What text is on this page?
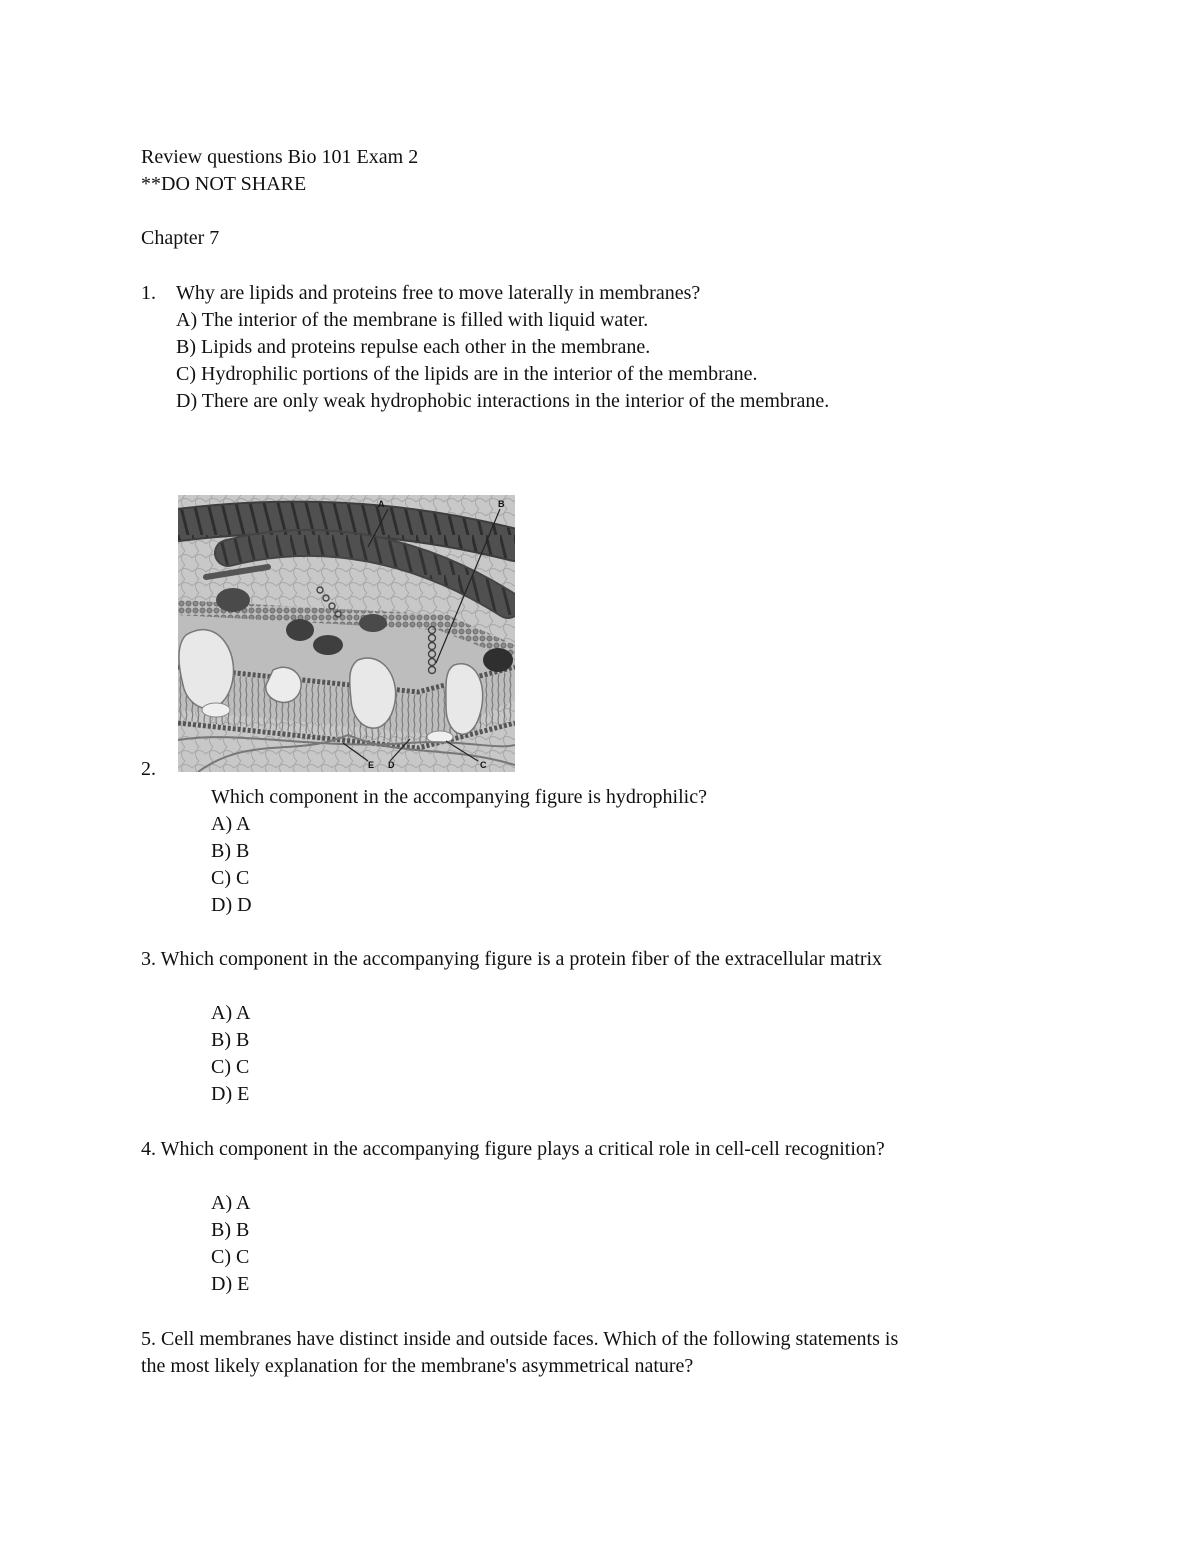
Review questions Bio 101 Exam 2
**DO NOT SHARE
Chapter 7
1. Why are lipids and proteins free to move laterally in membranes?
A) The interior of the membrane is filled with liquid water.
B) Lipids and proteins repulse each other in the membrane.
C) Hydrophilic portions of the lipids are in the interior of the membrane.
D) There are only weak hydrophobic interactions in the interior of the membrane.
A	B
E D	C
2.
Which component in the accompanying figure is hydrophilic?
A) A
B) B
C) C
D) D
3. Which component in the accompanying figure is a protein fiber of the extracellular matrix
A) A
B) B
C) C
D) E
4. Which component in the accompanying figure plays a critical role in cell-cell recognition?
A) A
B) B
C) C
D) E
5. Cell membranes have distinct inside and outside faces. Which of the following statements is
the most likely explanation for the membrane's asymmetrical nature?
